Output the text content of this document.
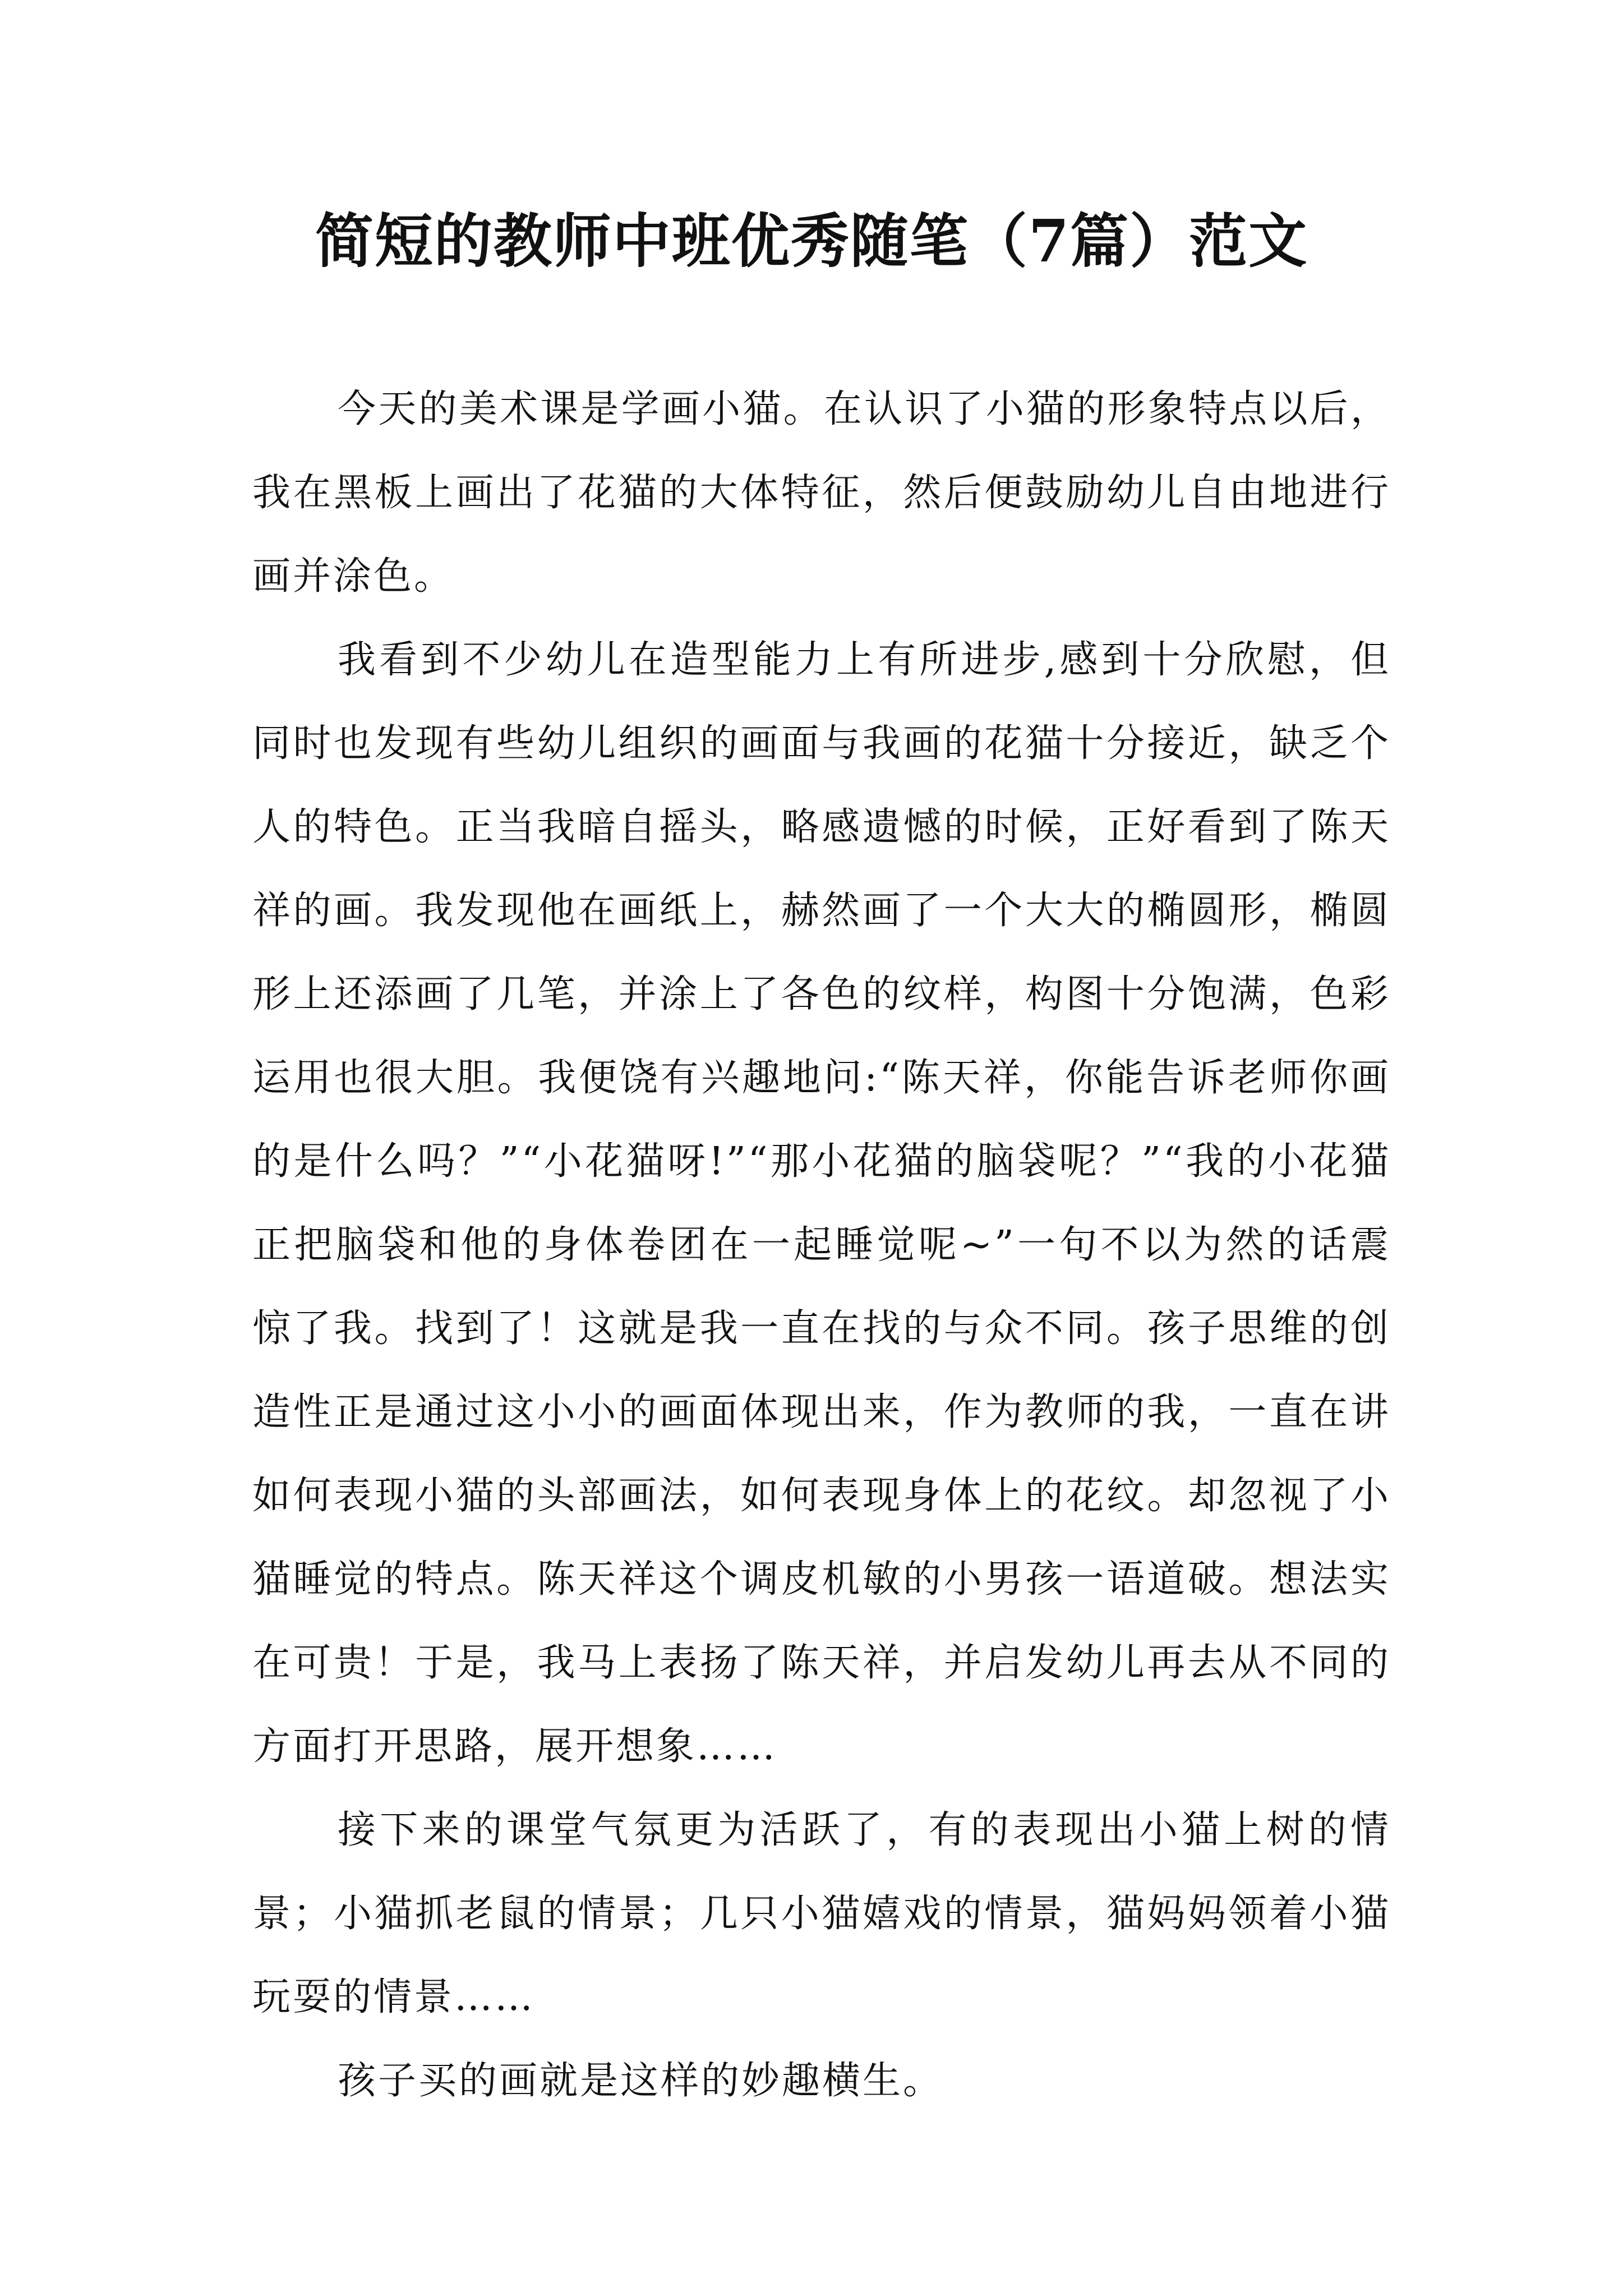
简短的教师中班优秀随笔（7篇）范文

今天的美术课是学画小猫。在认识了小猫的形象特点以后，我在黑板上画出了花猫的大体特征，然后便鼓励幼儿自由地进行画并涂色。

我看到不少幼儿在造型能力上有所进步,感到十分欣慰，但同时也发现有些幼儿组织的画面与我画的花猫十分接近，缺乏个人的特色。正当我暗自摇头，略感遗憾的时候，正好看到了陈天祥的画。我发现他在画纸上，赫然画了一个大大的椭圆形，椭圆形上还添画了几笔，并涂上了各色的纹样，构图十分饱满，色彩运用也很大胆。我便饶有兴趣地问:“陈天祥，你能告诉老师你画的是什么吗？”“小花猫呀!”“那小花猫的脑袋呢？”“我的小花猫正把脑袋和他的身体卷团在一起睡觉呢~”一句不以为然的话震惊了我。找到了！这就是我一直在找的与众不同。孩子思维的创造性正是通过这小小的画面体现出来，作为教师的我，一直在讲如何表现小猫的头部画法，如何表现身体上的花纹。却忽视了小猫睡觉的特点。陈天祥这个调皮机敏的小男孩一语道破。想法实在可贵！于是，我马上表扬了陈天祥，并启发幼儿再去从不同的方面打开思路，展开想象……

接下来的课堂气氛更为活跃了，有的表现出小猫上树的情景；小猫抓老鼠的情景；几只小猫嬉戏的情景，猫妈妈领着小猫玩耍的情景……

孩子买的画就是这样的妙趣横生。
